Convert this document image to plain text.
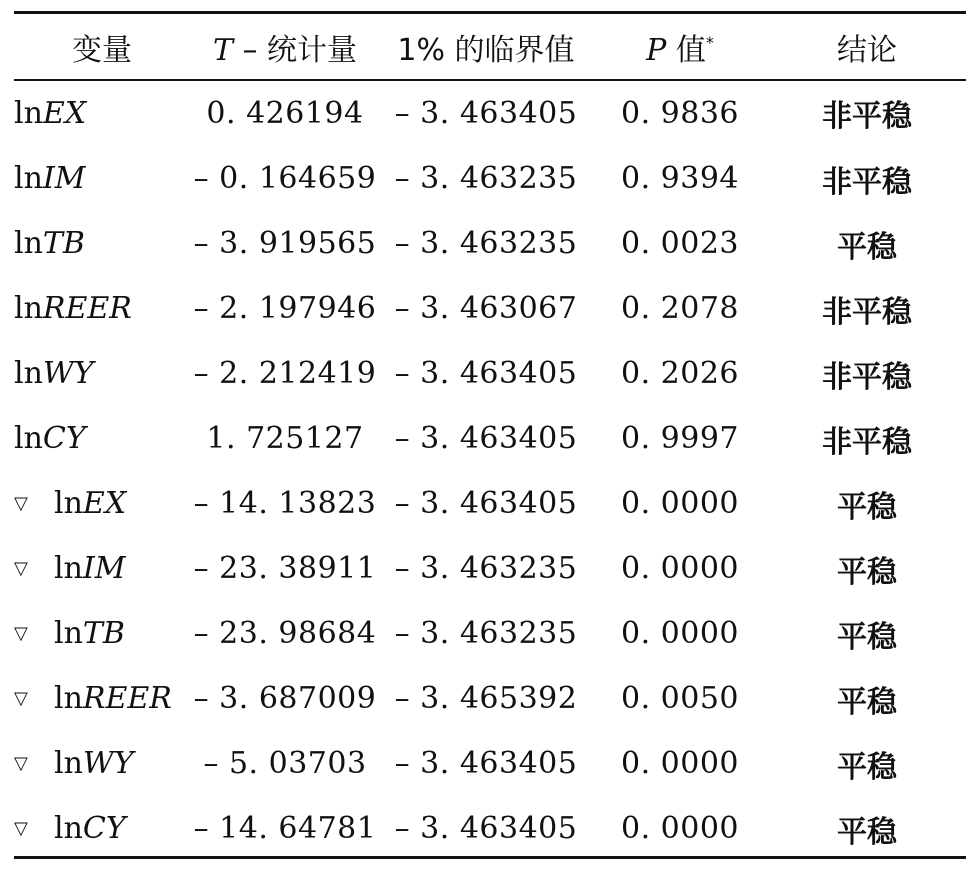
变量	T – 统计量	1% 的临界值	P 值*	结论
lnEX	0. 426194	– 3. 463405	0. 9836	非平稳
lnIM	– 0. 164659	– 3. 463235	0. 9394	非平稳
lnTB	– 3. 919565	– 3. 463235	0. 0023	平稳
lnREER	– 2. 197946	– 3. 463067	0. 2078	非平稳
lnWY	– 2. 212419	– 3. 463405	0. 2026	非平稳
lnCY	1. 725127	– 3. 463405	0. 9997	非平稳
▽ lnEX	– 14. 13823	– 3. 463405	0. 0000	平稳
▽ lnIM	– 23. 38911	– 3. 463235	0. 0000	平稳
▽ lnTB	– 23. 98684	– 3. 463235	0. 0000	平稳
▽ lnREER	– 3. 687009	– 3. 465392	0. 0050	平稳
▽ lnWY	– 5. 03703	– 3. 463405	0. 0000	平稳
▽ lnCY	– 14. 64781	– 3. 463405	0. 0000	平稳
